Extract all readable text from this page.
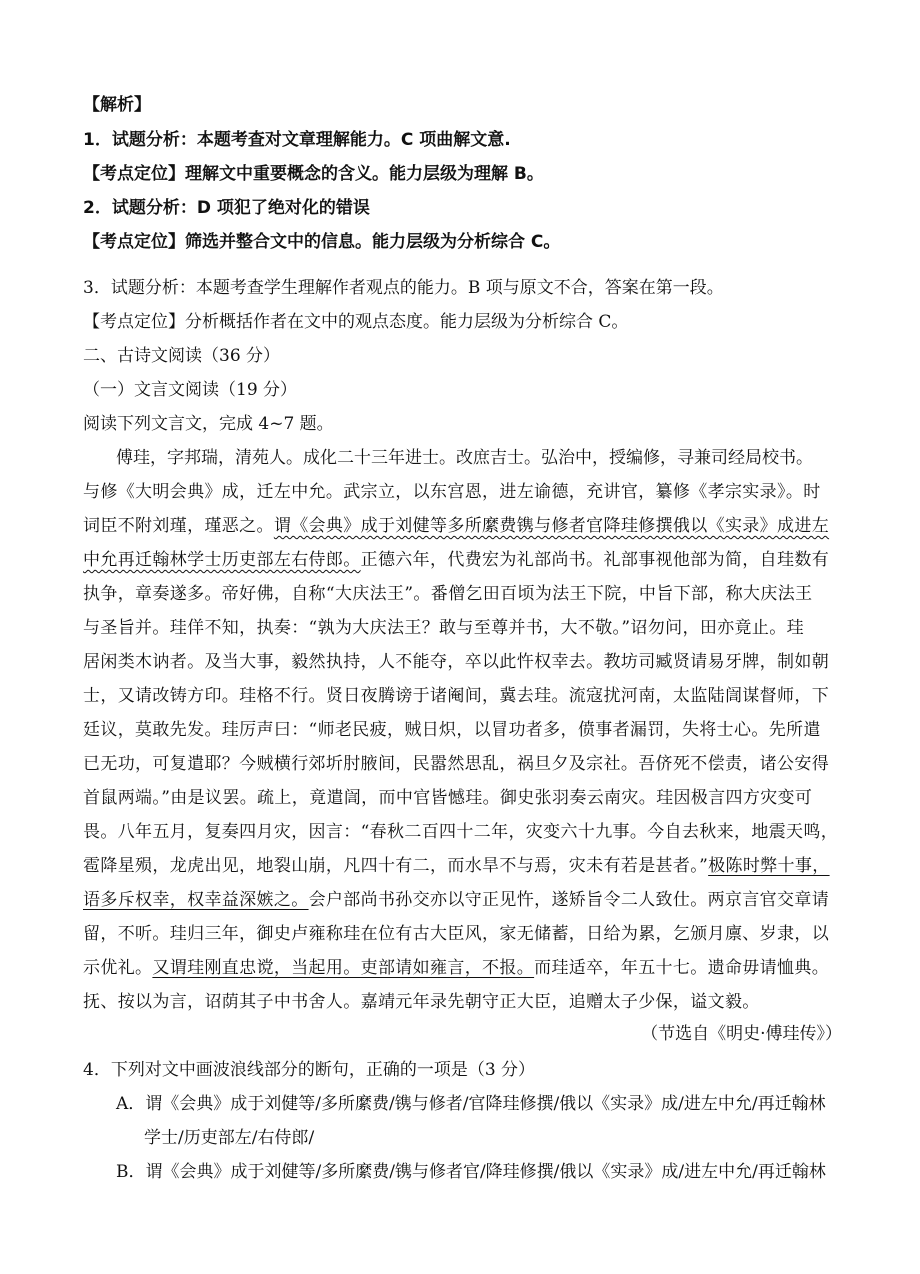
【解析】
1．试题分析：本题考查对文章理解能力。C 项曲解文意.
【考点定位】理解文中重要概念的含义。能力层级为理解 B。
2．试题分析：D 项犯了绝对化的错误
【考点定位】筛选并整合文中的信息。能力层级为分析综合 C。
3．试题分析：本题考查学生理解作者观点的能力。B 项与原文不合，答案在第一段。
【考点定位】分析概括作者在文中的观点态度。能力层级为分析综合 C。
二、古诗文阅读（36 分）
（一）文言文阅读（19 分）
阅读下列文言文，完成 4~7 题。
傅珪，字邦瑞，清苑人。成化二十三年进士。改庶吉士。弘治中，授编修，寻兼司经局校书。
与修《大明会典》成，迁左中允。武宗立，以东宫恩，进左谕德，充讲官，纂修《孝宗实录》。时
词臣不附刘瑾，瑾恶之。谓《会典》成于刘健等多所縻费镌与修者官降珪修撰俄以《实录》成进左
中允再迁翰林学士历吏部左右侍郎。正德六年，代费宏为礼部尚书。礼部事视他部为简，自珪数有
执争，章奏遂多。帝好佛，自称“大庆法王”。番僧乞田百顷为法王下院，中旨下部，称大庆法王
与圣旨并。珪佯不知，执奏：“孰为大庆法王？敢与至尊并书，大不敬。”诏勿问，田亦竟止。珪
居闲类木讷者。及当大事，毅然执持，人不能夺，卒以此忤权幸去。教坊司臧贤请易牙牌，制如朝
士，又请改铸方印。珪格不行。贤日夜腾谤于诸阉间，冀去珪。流寇扰河南，太监陆訚谋督师，下
廷议，莫敢先发。珪厉声曰：“师老民疲，贼日炽，以冒功者多，偾事者漏罚，失将士心。先所遣
已无功，可复遣耶？今贼横行郊圻肘腋间，民嚣然思乱，祸旦夕及宗社。吾侪死不偿责，诸公安得
首鼠两端。”由是议罢。疏上，竟遣訚，而中官皆憾珪。御史张羽奏云南灾。珪因极言四方灾变可
畏。八年五月，复奏四月灾，因言：“春秋二百四十二年，灾变六十九事。今自去秋来，地震天鸣，
雹降星殒，龙虎出见，地裂山崩，凡四十有二，而水旱不与焉，灾未有若是甚者。”极陈时弊十事，
语多斥权幸，权幸益深嫉之。会户部尚书孙交亦以守正见忤，遂矫旨令二人致仕。两京言官交章请
留，不听。珪归三年，御史卢雍称珪在位有古大臣风，家无储蓄，日给为累，乞颁月廪、岁隶，以
示优礼。又谓珪刚直忠谠，当起用。吏部请如雍言，不报。而珪适卒，年五十七。遗命毋请恤典。
抚、按以为言，诏荫其子中书舍人。嘉靖元年录先朝守正大臣，追赠太子少保，谥文毅。
（节选自《明史·傅珪传》）
4．下列对文中画波浪线部分的断句，正确的一项是（3 分）
A．谓《会典》成于刘健等/多所縻费/镌与修者/官降珪修撰/俄以《实录》成/进左中允/再迁翰林
学士/历吏部左/右侍郎/
B．谓《会典》成于刘健等/多所縻费/镌与修者官/降珪修撰/俄以《实录》成/进左中允/再迁翰林
